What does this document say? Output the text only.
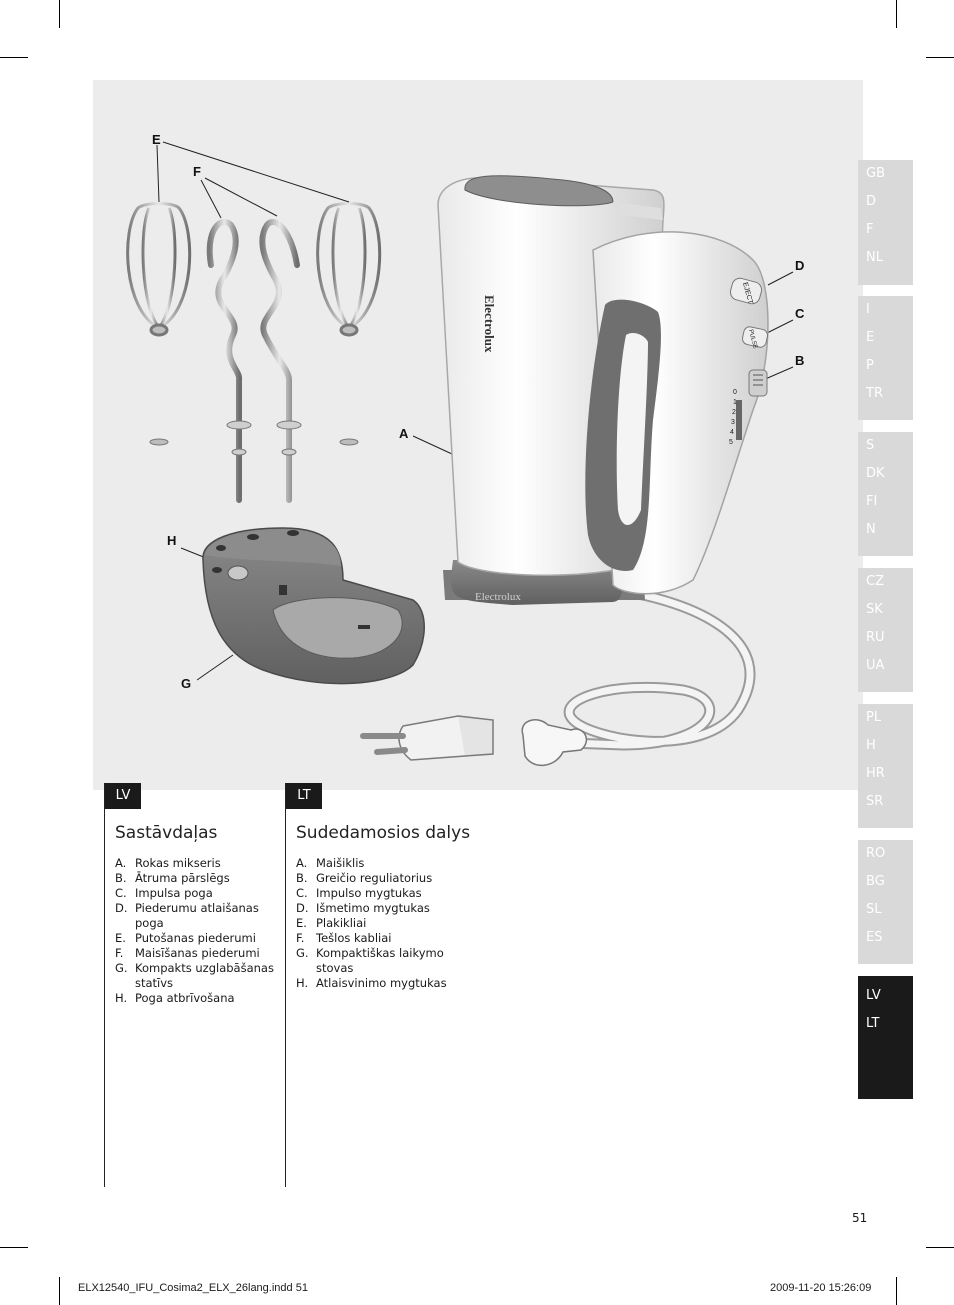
Electrolux
Electrolux
EJECT
PULSE
0
1
2
3
4
5
E
F
A
D
C
B
H
G
GB
D
F
NL
I
E
P
TR
S
DK
FI
N
CZ
SK
RU
UA
PL
H
HR
SR
RO
BG
SL
ES
LV
LT
LV
Sastāvdaļas
A. Rokas mikseris
B. Ātruma pārslēgs
C. Impulsa poga
D. Piederumu atlaišanas poga
E. Putošanas piederumi
F.	Maisīšanas piederumi
G. Kompakts uzglabāšanas statīvs
H. Poga atbrīvošana
LT
Sudedamosios dalys
A. Maišiklis
B. Greičio reguliatorius
C. Impulso mygtukas
D. Išmetimo mygtukas
E. Plakikliai
F.	Tešlos kabliai
G. Kompaktiškas laikymo stovas
H. Atlaisvinimo mygtukas
51
ELX12540_IFU_Cosima2_ELX_26lang.indd 51	2009-11-20 15:26:09
